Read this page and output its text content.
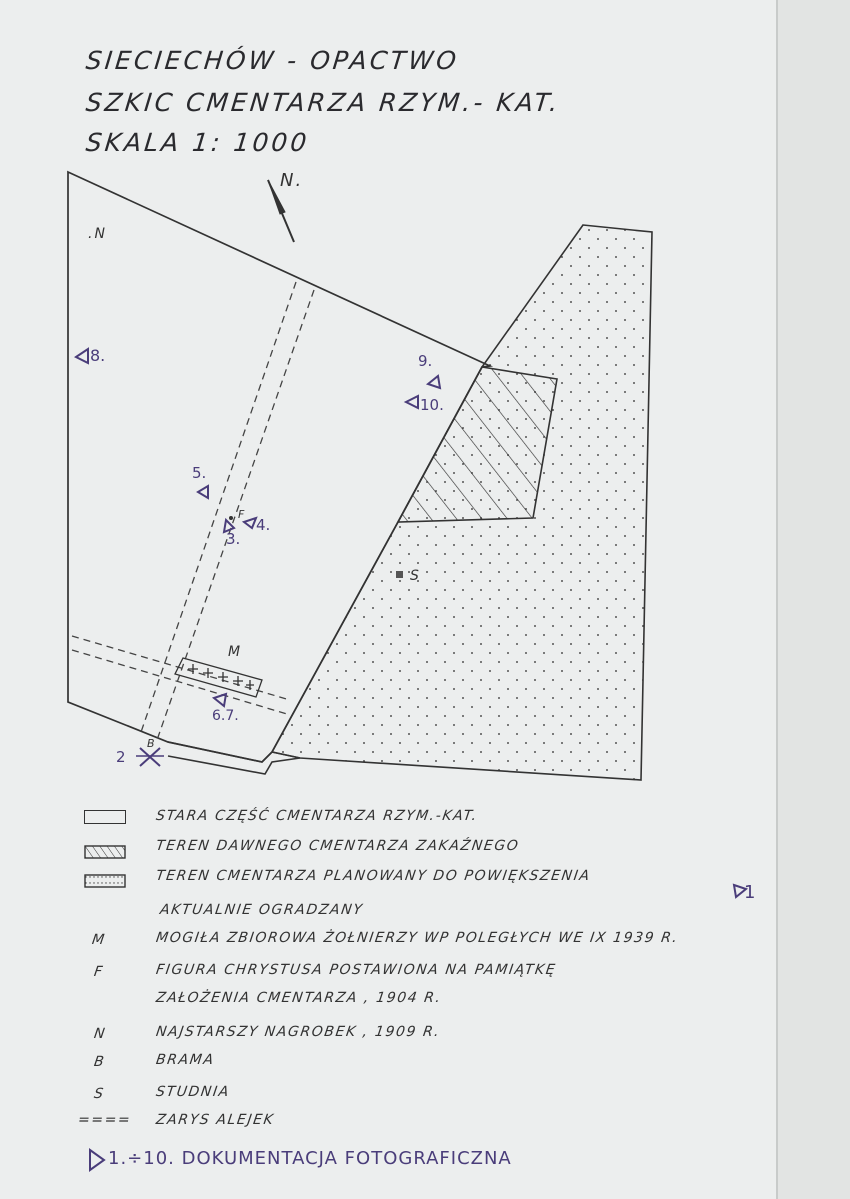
SIECIECHÓW - OPACTWO
SZKIC CMENTARZA RZYM.- KAT.
SKALA 1: 1000
N.
.N
M
S
B
F
1
2
3.
4.
5.
6.7.
8.	9.
10.
STARA CZĘŚĆ CMENTARZA RZYM.-KAT.
TEREN DAWNEGO CMENTARZA ZAKAŹNEGO
TEREN CMENTARZA PLANOWANY DO POWIĘKSZENIA
AKTUALNIE OGRADZANY
M	MOGIŁA ZBIOROWA ŻOŁNIERZY WP POLEGŁYCH WE IX 1939 R.
F	FIGURA CHRYSTUSA POSTAWIONA NA PAMIĄTKĘ
ZAŁOŻENIA CMENTARZA , 1904 R.
N	NAJSTARSZY NAGROBEK , 1909 R.
B	BRAMA
S	STUDNIA
==== ZARYS ALEJEK
1.÷10. DOKUMENTACJA FOTOGRAFICZNA
